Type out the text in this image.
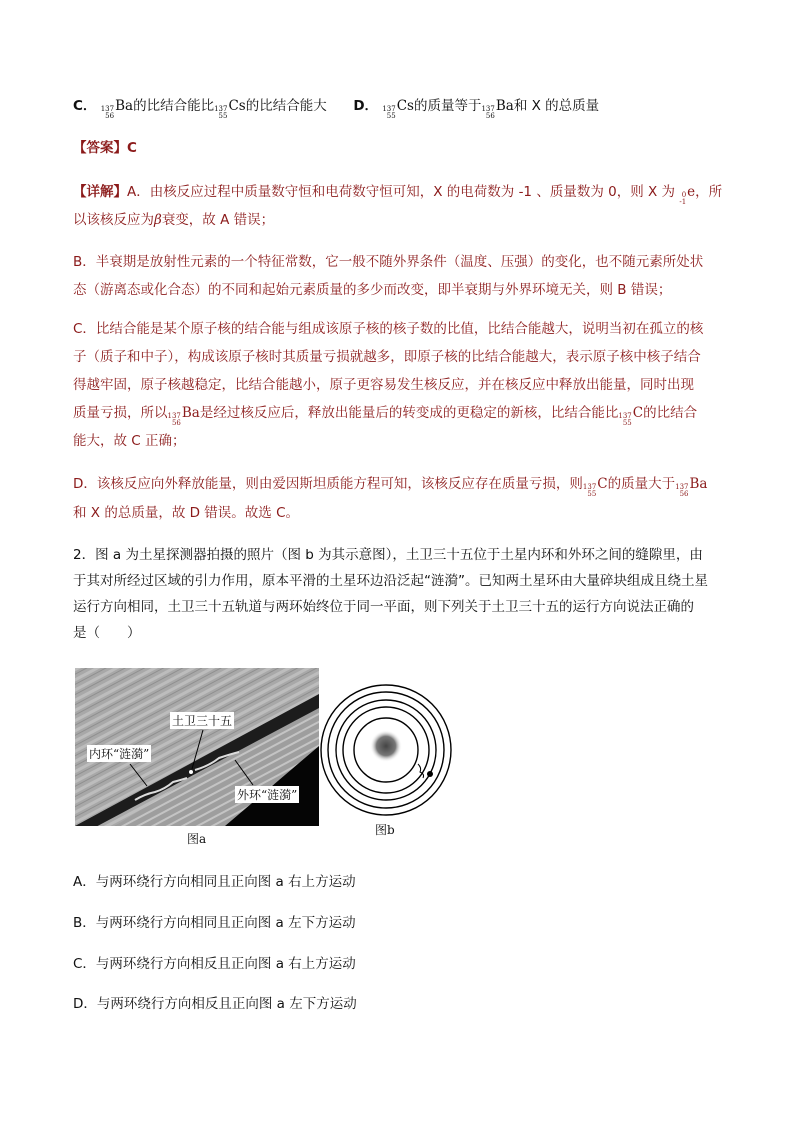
C． 137
56
Ba的比结合能比 137
55
Cs的比结合能大 D． 137
55
Cs的质量等于 137
56
Ba和 X 的总质量
【答案】C
【详解】A．由核反应过程中质量数守恒和电荷数守恒可知，X 的电荷数为 -1 、质量数为 0，则 X 为 0
-1
e，所
以该核反应为β衰变，故 A 错误；
B．半衰期是放射性元素的一个特征常数，它一般不随外界条件（温度、压强）的变化，也不随元素所处状
态（游离态或化合态）的不同和起始元素质量的多少而改变，即半衰期与外界环境无关，则 B 错误；
C．比结合能是某个原子核的结合能与组成该原子核的核子数的比值，比结合能越大，说明当初在孤立的核
子（质子和中子），构成该原子核时其质量亏损就越多，即原子核的比结合能越大，表示原子核中核子结合
得越牢固，原子核越稳定，比结合能越小，原子更容易发生核反应，并在核反应中释放出能量，同时出现
质量亏损，所以 137
56
Ba是经过核反应后，释放出能量后的转变成的更稳定的新核，比结合能比 137
55
C的比结合
能大，故 C 正确；
D．该核反应向外释放能量，则由爱因斯坦质能方程可知，该核反应存在质量亏损，则 137
55
C的质量大于 137
56
Ba
和 X 的总质量，故 D 错误。故选 C。
2．图 a 为土星探测器拍摄的照片（图 b 为其示意图），土卫三十五位于土星内环和外环之间的缝隙里，由
于其对所经过区域的引力作用，原本平滑的土星环边沿泛起“涟漪”。已知两土星环由大量碎块组成且绕土星
运行方向相同，土卫三十五轨道与两环始终位于同一平面，则下列关于土卫三十五的运行方向说法正确的
是（　　）
土卫三十五
内环“涟漪”
外环“涟漪”
图a
图b
A．与两环绕行方向相同且正向图 a 右上方运动
B．与两环绕行方向相同且正向图 a 左下方运动
C．与两环绕行方向相反且正向图 a 右上方运动
D．与两环绕行方向相反且正向图 a 左下方运动
